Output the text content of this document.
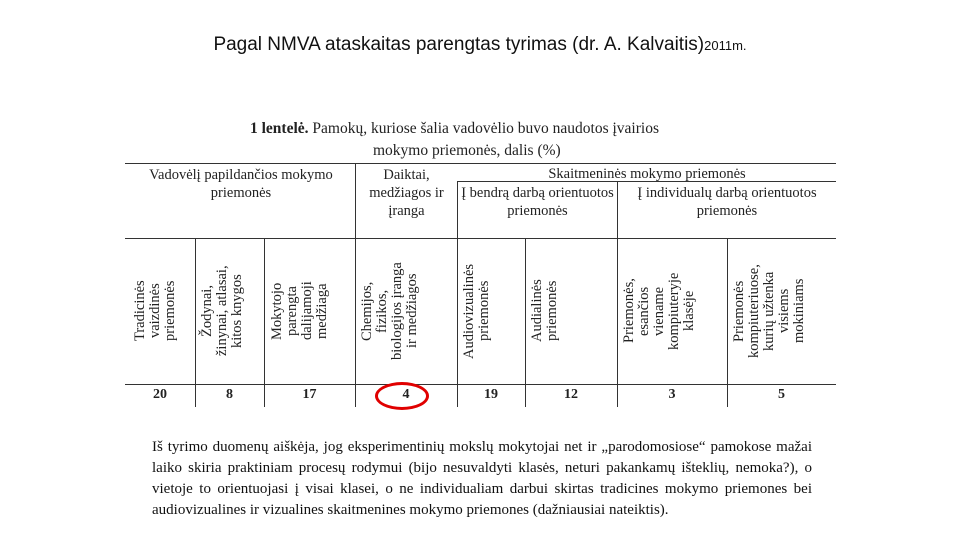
Pagal NMVA ataskaitas parengtas tyrimas (dr. A. Kalvaitis)2011m.
1 lentelė. Pamokų, kuriose šalia vadovėlio buvo naudotos įvairios
mokymo priemonės, dalis (%)
Vadovėlį papildančios mokymo priemonės
Daiktai, medžiagos ir įranga
Skaitmeninės mokymo priemonės
Į bendrą darbą orientuotos priemonės
Į individualų darbą orientuotos priemonės
Tradicinės
vaizdinės
priemonės	Žodynai,
žinynai, atlasai,
kitos knygos	Mokytojo
parengta
dalijamoji
medžiaga	Chemijos,
fizikos,
biologijos įranga
ir medžiagos	Audiovizualinės
priemonės	Audialinės
priemonės	Priemonės,
esančios
viename
kompiuteryje
klasėje	Priemonės
kompiuteriuose,
kurių užtenka
visiems
mokiniams
20	8	17	4	19	12	3	5
Iš tyrimo duomenų aiškėja, jog eksperimentinių mokslų mokytojai net ir „parodomosiose“ pamokose mažai laiko skiria praktiniam procesų rodymui (bijo nesuvaldyti klasės, neturi pakankamų išteklių, nemoka?), o vietoje to orientuojasi į visai klasei, o ne individualiam darbui skirtas tradicines mokymo priemones bei audiovizualines ir vizualines skaitmenines mokymo priemones (dažniausiai nateiktis).
